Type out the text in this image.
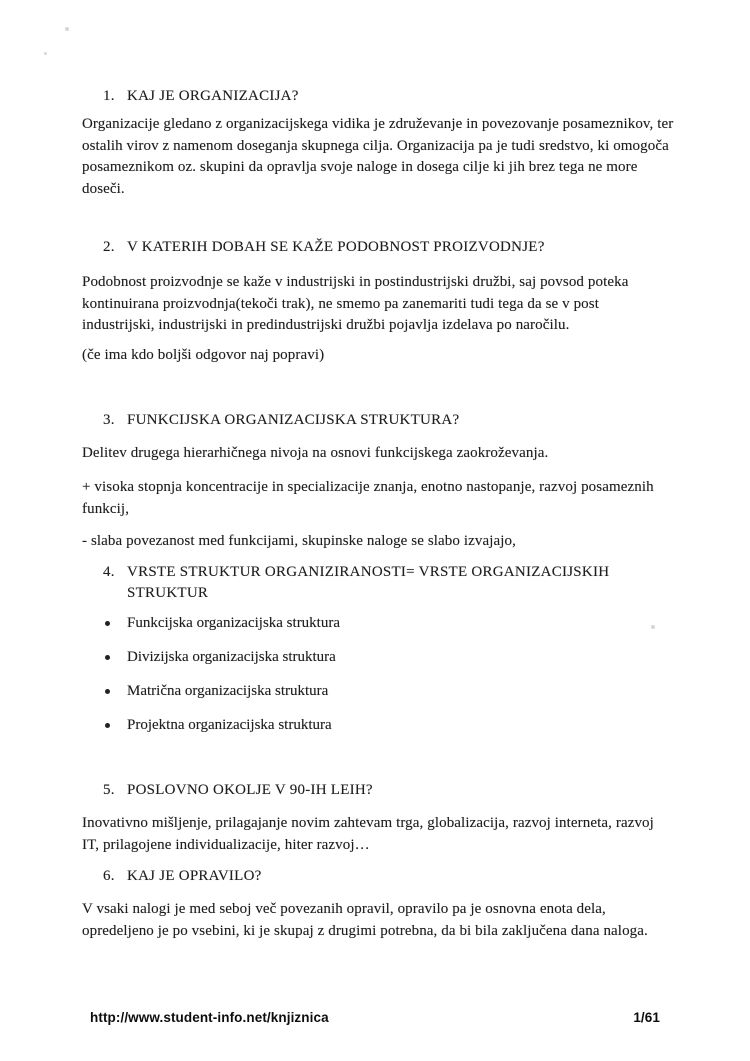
1. KAJ JE ORGANIZACIJA?

Organizacije gledano z organizacijskega vidika je združevanje in povezovanje posameznikov, ter ostalih virov z namenom doseganja skupnega cilja. Organizacija pa je tudi sredstvo, ki omogoča posameznikom oz. skupini da opravlja svoje naloge in dosega cilje ki jih brez tega ne more doseči.

2. V KATERIH DOBAH SE KAŽE PODOBNOST PROIZVODNJE?

Podobnost proizvodnje se kaže v industrijski in postindustrijski družbi, saj povsod poteka kontinuirana proizvodnja(tekoči trak), ne smemo pa zanemariti tudi tega da se v post industrijski, industrijski in predindustrijski družbi pojavlja izdelava po naročilu.

(če ima kdo boljši odgovor naj popravi)

3. FUNKCIJSKA ORGANIZACIJSKA STRUKTURA?

Delitev drugega hierarhičnega nivoja na osnovi funkcijskega zaokroževanja.

+ visoka stopnja koncentracije in specializacije znanja, enotno nastopanje, razvoj posameznih funkcij,

- slaba povezanost med funkcijami, skupinske naloge se slabo izvajajo,

4. VRSTE STRUKTUR ORGANIZIRANOSTI= VRSTE ORGANIZACIJSKIH STRUKTUR
Funkcijska organizacijska struktura
Divizijska organizacijska struktura
Matrična organizacijska struktura
Projektna organizacijska struktura
5. POSLOVNO OKOLJE V 90-IH LEIH?

Inovativno mišljenje, prilagajanje novim zahtevam trga, globalizacija, razvoj interneta, razvoj IT, prilagojene individualizacije, hiter razvoj…

6. KAJ JE OPRAVILO?

V vsaki nalogi je med seboj več povezanih opravil, opravilo pa je osnovna enota dela, opredeljeno je po vsebini, ki je skupaj z drugimi potrebna, da bi bila zaključena dana naloga.

http://www.student-info.net/knjiznica	1/61
